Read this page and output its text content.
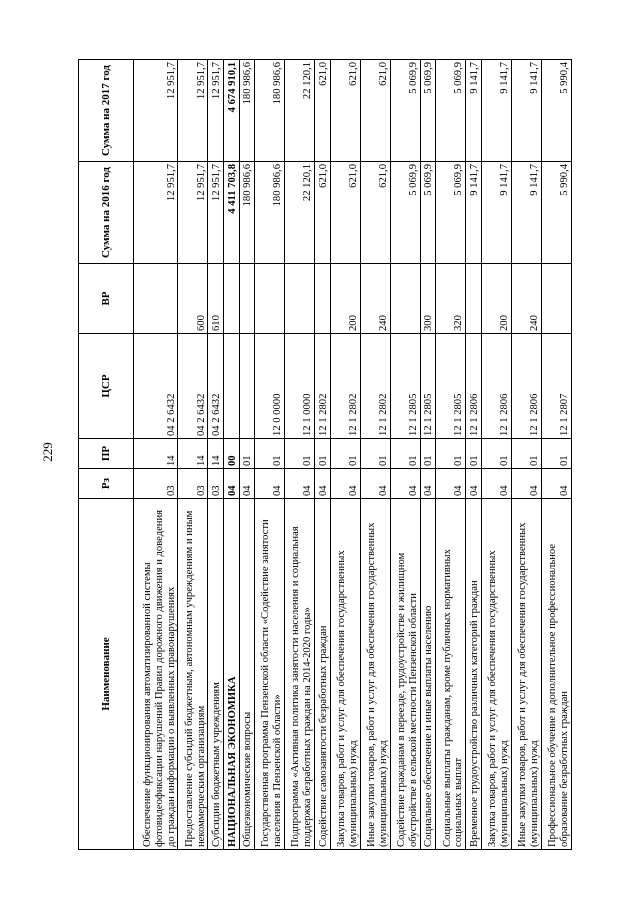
229
Наименование	Рз	ПР	ЦСР	ВР	Сумма на 2016 год	Сумма на 2017 год
Обеспечение функционирования автоматизированной системы фотовидеофиксации нарушений Правил дорожного движения и доведения до граждан информации о выявленных правонарушениях	03	14	04 2 6432		12 951,7	12 951,7
Предоставление субсидий бюджетным, автономным учреждениям и иным некоммерческим организациям	03	14	04 2 6432	600	12 951,7	12 951,7
Субсидии бюджетным учреждениям	03	14	04 2 6432	610	12 951,7	12 951,7
НАЦИОНАЛЬНАЯ ЭКОНОМИКА	04	00			4 411 703,8	4 674 910,1
Общеэкономические вопросы	04	01			180 986,6	180 986,6
Государственная программа Пензенской области «Содействие занятости населения в Пензенской области»	04	01	12 0 0000		180 986,6	180 986,6
Подпрограмма «Активная политика занятости населения и социальная поддержка безработных граждан на 2014-2020 годы»	04	01	12 1 0000		22 120,1	22 120,1
Содействие самозанятости безработных граждан	04	01	12 1 2802		621,0	621,0
Закупка товаров, работ и услуг для обеспечения государственных (муниципальных) нужд	04	01	12 1 2802	200	621,0	621,0
Иные закупки товаров, работ и услуг для обеспечения государственных (муниципальных) нужд	04	01	12 1 2802	240	621,0	621,0
Содействие гражданам в переезде, трудоустройстве и жилищном обустройстве в сельской местности Пензенской области	04	01	12 1 2805		5 069,9	5 069,9
Социальное обеспечение и иные выплаты населению	04	01	12 1 2805	300	5 069,9	5 069,9
Социальные выплаты гражданам, кроме публичных нормативных социальных выплат	04	01	12 1 2805	320	5 069,9	5 069,9
Временное трудоустройство различных категорий граждан	04	01	12 1 2806		9 141,7	9 141,7
Закупка товаров, работ и услуг для обеспечения государственных (муниципальных) нужд	04	01	12 1 2806	200	9 141,7	9 141,7
Иные закупки товаров, работ и услуг для обеспечения государственных (муниципальных) нужд	04	01	12 1 2806	240	9 141,7	9 141,7
Профессиональное обучение и дополнительное профессиональное образование безработных граждан	04	01	12 1 2807		5 990,4	5 990,4
